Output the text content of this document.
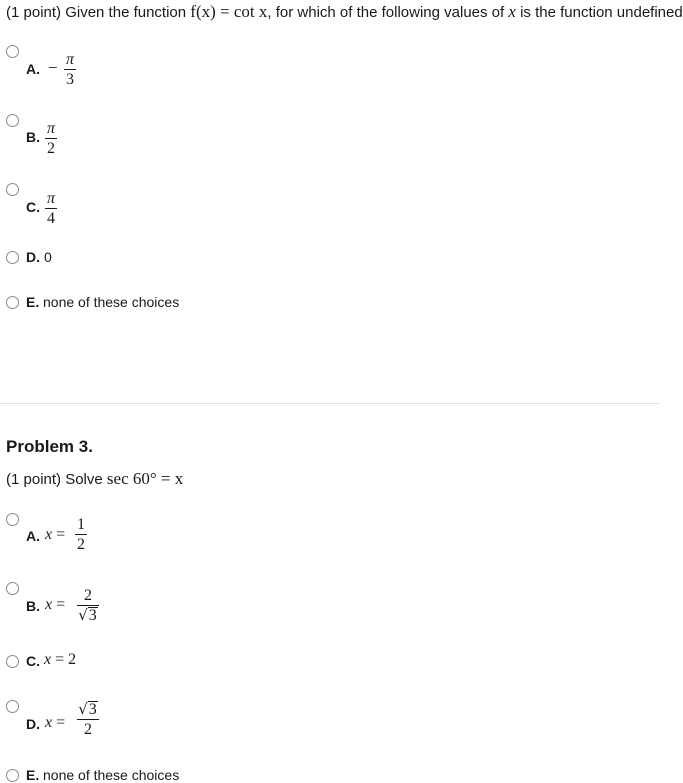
(1 point) Given the function f(x) = cot x, for which of the following values of x is the function undefined
A. − π
3
B. π
2
C. π
4
D. 0
E. none of these choices
Problem 3.
(1 point) Solve sec 60° = x
A. x =
1
2
B. x =
2
√ 3
C. x = 2
D. x =
√ 3
2
E. none of these choices
